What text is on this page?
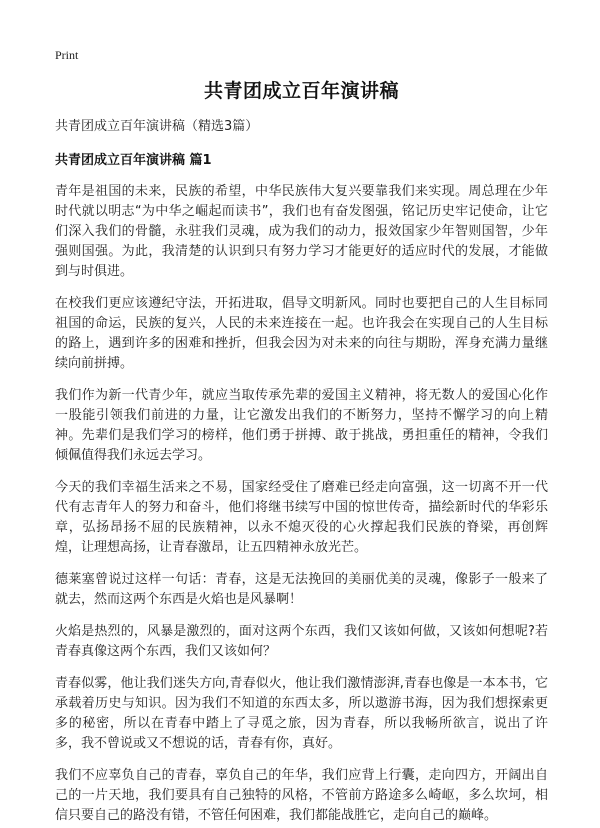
Print
共青团成立百年演讲稿
共青团成立百年演讲稿（精选3篇）
共青团成立百年演讲稿 篇1

青年是祖国的未来，民族的希望，中华民族伟大复兴要靠我们来实现。周总理在少年时代就以明志“为中华之崛起而读书”，我们也有奋发图强，铭记历史牢记使命，让它们深入我们的骨髓，永驻我们灵魂，成为我们的动力，报效国家少年智则国智，少年强则国强。为此，我清楚的认识到只有努力学习才能更好的适应时代的发展，才能做到与时俱进。

在校我们更应该遵纪守法，开拓进取，倡导文明新风。同时也要把自己的人生目标同祖国的命运，民族的复兴，人民的未来连接在一起。也许我会在实现自己的人生目标的路上，遇到许多的困难和挫折，但我会因为对未来的向往与期盼，浑身充满力量继续向前拼搏。

我们作为新一代青少年，就应当取传承先辈的爱国主义精神，将无数人的爱国心化作一股能引领我们前进的力量，让它激发出我们的不断努力，坚持不懈学习的向上精神。先辈们是我们学习的榜样，他们勇于拼搏、敢于挑战，勇担重任的精神，令我们倾佩值得我们永远去学习。

今天的我们幸福生活来之不易，国家经受住了磨难已经走向富强，这一切离不开一代代有志青年人的努力和奋斗，他们将继书续写中国的惊世传奇，描绘新时代的华彩乐章，弘扬昂扬不屈的民族精神，以永不熄灭役的心火撑起我们民族的脊梁，再创辉煌，让理想高扬，让青春激昂，让五四精神永放光芒。

德莱塞曾说过这样一句话：青春，这是无法挽回的美丽优美的灵魂，像影子一般来了就去，然而这两个东西是火焰也是风暴啊！

火焰是热烈的，风暴是激烈的，面对这两个东西，我们又该如何做，又该如何想呢?若青春真像这两个东西，我们又该如何？

青春似雾，他让我们迷失方向,青春似火，他让我们激情澎湃,青春也像是一本本书，它承载着历史与知识。因为我们不知道的东西太多，所以遨游书海，因为我们想探索更多的秘密，所以在青春中踏上了寻觅之旅，因为青春，所以我畅所欲言，说出了许多，我不曾说或又不想说的话，青春有你，真好。

我们不应辜负自己的青春，辜负自己的年华，我们应背上行囊，走向四方，开阔出自己的一片天地，我们要具有自己独特的风格，不管前方路途多么崎岖，多么坎坷，相信只要自己的路没有错，不管任何困难，我们都能战胜它，走向自己的巅峰。
